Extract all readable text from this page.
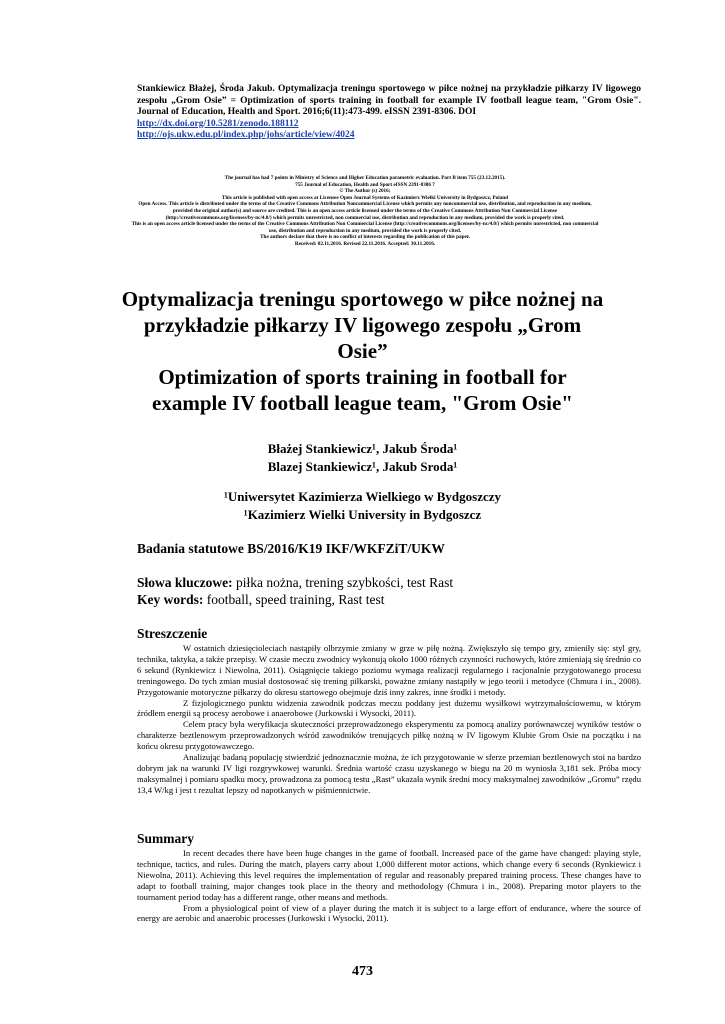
Stankiewicz Błażej, Środa Jakub. Optymalizacja treningu sportowego w piłce nożnej na przykładzie piłkarzy IV ligowego zespołu „Grom Osie” = Optimization of sports training in football for example IV football league team, "Grom Osie". Journal of Education, Health and Sport. 2016;6(11):473-499. eISSN 2391-8306. DOI
http://dx.doi.org/10.5281/zenodo.188112
http://ojs.ukw.edu.pl/index.php/johs/article/view/4024
The journal has had 7 points in Ministry of Science and Higher Education parametric evaluation. Part B item 755 (23.12.2015).
755 Journal of Education, Health and Sport eISSN 2391-8306 7
© The Author (s) 2016;
This article is published with open access at Licensee Open Journal Systems of Kazimierz Wielki University in Bydgoszcz, Poland
Open Access. This article is distributed under the terms of the Creative Commons Attribution Noncommercial License which permits any noncommercial use, distribution, and reproduction in any medium,
provided the original author(s) and source are credited. This is an open access article licensed under the terms of the Creative Commons Attribution Non Commercial License
(http://creativecommons.org/licenses/by-nc/4.0/) which permits unrestricted, non commercial use, distribution and reproduction in any medium, provided the work is properly cited.
This is an open access article licensed under the terms of the Creative Commons Attribution Non Commercial License (http://creativecommons.org/licenses/by-nc/4.0/) which permits unrestricted, non commercial
use, distribution and reproduction in any medium, provided the work is properly cited.
The authors declare that there is no conflict of interests regarding the publication of this paper.
Received: 02.11.2016. Revised 22.11.2016. Accepted: 30.11.2016.
Optymalizacja treningu sportowego w piłce nożnej na przykładzie piłkarzy IV ligowego zespołu „Grom Osie”
Optimization of sports training in football for example IV football league team, "Grom Osie"
Błażej Stankiewicz¹, Jakub Środa¹
Blazej Stankiewicz¹, Jakub Sroda¹
¹Uniwersytet Kazimierza Wielkiego w Bydgoszczy
¹Kazimierz Wielki University in Bydgoszcz
Badania statutowe BS/2016/K19 IKF/WKFZiT/UKW
Słowa kluczowe: piłka nożna, trening szybkości, test Rast
Key words: football, speed training, Rast test
Streszczenie

W ostatnich dziesięcioleciach nastąpiły olbrzymie zmiany w grze w piłę nożną. Zwiększyło się tempo gry, zmieniły się: styl gry, technika, taktyka, a także przepisy. W czasie meczu zwodnicy wykonują około 1000 różnych czynności ruchowych, które zmieniają się średnio co 6 sekund (Rynkiewicz i Niewolna, 2011). Osiągnięcie takiego poziomu wymaga realizacji regularnego i racjonalnie przygotowanego procesu treningowego. Do tych zmian musiał dostosować się trening piłkarski, poważne zmiany nastąpiły w jego teorii i metodyce (Chmura i in., 2008). Przygotowanie motoryczne piłkarzy do okresu startowego obejmuje dziś inny zakres, inne środki i metody.

Z fizjologicznego punktu widzenia zawodnik podczas meczu poddany jest dużemu wysiłkowi wytrzymałościowemu, w którym źródłem energii są procesy aerobowe i anaerobowe (Jurkowski i Wysocki, 2011).

Celem pracy była weryfikacja skuteczności przeprowadzonego eksperymentu za pomocą analizy porównawczej wyników testów o charakterze beztlenowym przeprowadzonych wśród zawodników trenujących piłkę nożną w IV ligowym Klubie Grom Osie na początku i na końcu okresu przygotowawczego.

Analizując badaną populację stwierdzić jednoznacznie można, że ich przygotowanie w sferze przemian beztlenowych stoi na bardzo dobrym jak na warunki IV ligi rozgrywkowej warunki. Średnia wartość czasu uzyskanego w biegu na 20 m wyniosła 3,181 sek. Próba mocy maksymalnej i pomiaru spadku mocy, prowadzona za pomocą testu „Rast” ukazała wynik średni mocy maksymalnej zawodników „Gromu” rzędu 13,4 W/kg i jest t rezultat lepszy od napotkanych w piśmiennictwie.

Summary

In recent decades there have been huge changes in the game of football. Increased pace of the game have changed: playing style, technique, tactics, and rules. During the match, players carry about 1,000 different motor actions, which change every 6 seconds (Rynkiewicz i Niewolna, 2011). Achieving this level requires the implementation of regular and reasonably prepared training process. These changes have to adapt to football training, major changes took place in the theory and methodology (Chmura i in., 2008). Preparing motor players to the tournament period today has a different range, other means and methods.

From a physiological point of view of a player during the match it is subject to a large effort of endurance, where the source of energy are aerobic and anaerobic processes (Jurkowski i Wysocki, 2011).

473
